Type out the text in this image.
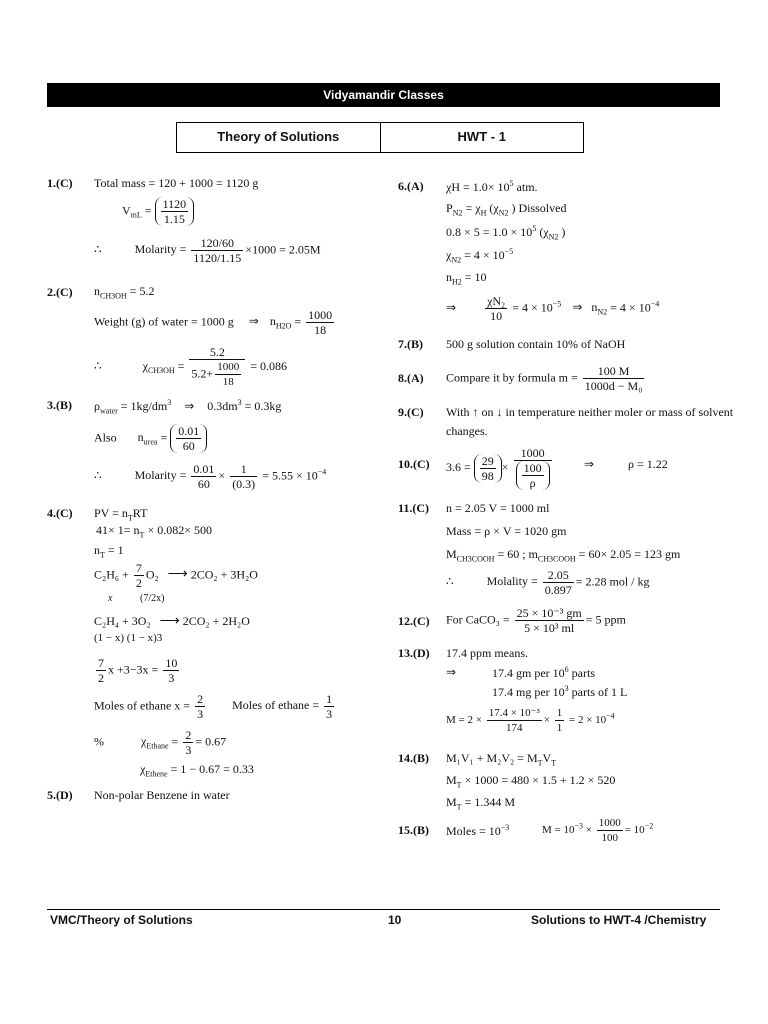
Vidyamandir Classes
Theory of Solutions	HWT - 1
1.(C) Total mass = 120 + 1000 = 1120 g
$V_{mL} = \frac{1120}{1.15}$
∴	Molarity = $\frac{120/60}{1120/1.15} \times 1000 = 2.05M$
2.(C) $n_{CH3OH} = 5.2$
Weight (g) of water = 1000 g ⇒ $n_{H2O} = \frac{1000}{18}$
∴	$\chi_{CH3OH} = \frac{5.2}{5.2+ \frac{1000}{18}} = 0.086$
3.(B) $\rho_{water} = 1kg/dm^3$ ⇒ $0.3dm^3 = 0.3kg$
Also $n_{urea} = \frac{0.01}{60}$
∴	Molarity = $\frac{0.01}{60} \times \frac{1}{(0.3)} = 5.55 \times 10^{-4}$
4.(C) PV = $n_TRT$
$41\times 1= n_T \times 0.082\times 500$
$n_T = 1$
$C_2H_6 + \frac{7}{2} O_2$ ⟶ 2CO₂ + 3H₂O
x	(7/2x)
C₂H₄ + 3O₂ ⟶ 2CO₂ + 2H₂O
(1 − x) (1 − x)3
$\frac{7}{2}$ $x +3-3x = \frac{10}{3}$
Moles of ethane $x = \frac{2}{3}$ Moles of ethane = $\frac{1}{3}$
%	$\chi_{Ethane} = \frac{2}{3} = 0.67$
$\chi_{Ethene} = 1 - 0.67 = 0.33$
5.(D) Non-polar Benzene in water
6.(A) $\chi H = 1.0\times 10^5$ atm.
$P_{N2} = \chi_H$ ($\chi_{N2}$ ) Dissolved
$0.8 \times 5 = 1.0 \times 10^5$ ($\chi_{N2}$ )
$\chi_{N2} = 4 \times 10^{-5}$
$n_{H2} = 10$
⇒ $\frac{\text{χN₂}}{10} = 4 \times 10^{-5}$ ⇒ $n_{N2} = 4 \times 10^{-4}$
7.(B) 500 g solution contain 10% of NaOH
8.(A) Compare it by formula $m = \frac{100 M}{\text{1000d − M₀}}$
9.(C) With ↑ on ↓ in temperature neither moler or mass of solvent
changes.
10.(C) $3.6 = \frac{29}{98} \times \frac{1000}{\frac{100}{\rho}}$	⇒	ρ = 1.22
11.(C) n = 2.05 V = 1000 ml
Mass = ρ × V = 1020 gm
$M_{CH3COOH} = 60$ ; $m_{CH3COOH} = 60\times 2.05 = 123$ gm
∴	Molality = $\frac{2.05}{0.897} = 2.28$ mol / kg
12.(C) For CaCO₃ = $\frac{\text{25 × 10⁻³ gm}}{\text{5 × 10³ ml}} = 5$ ppm
13.(D) 17.4 ppm means.
⇒	17.4 gm per $10^6$ parts
17.4 mg per $10^3$ parts of 1 L
$M = 2 \times \frac{\text{17.4 × 10⁻³}}{174} \times \frac{1}{1} = 2 \times 10^{-4}$
14.(B) $M_1V_1 + M_2V_2 = M_TV_T$
$M_T \times 1000 = 480 \times 1.5 + 1.2 \times 520$
$M_T = 1.344$ M
15.(B) Moles = $10^{-3}$	$M = 10^{-3} \times \frac{1000}{100} = 10^{-2}$
VMC/Theory of Solutions	10	Solutions to HWT-4 /Chemistry
